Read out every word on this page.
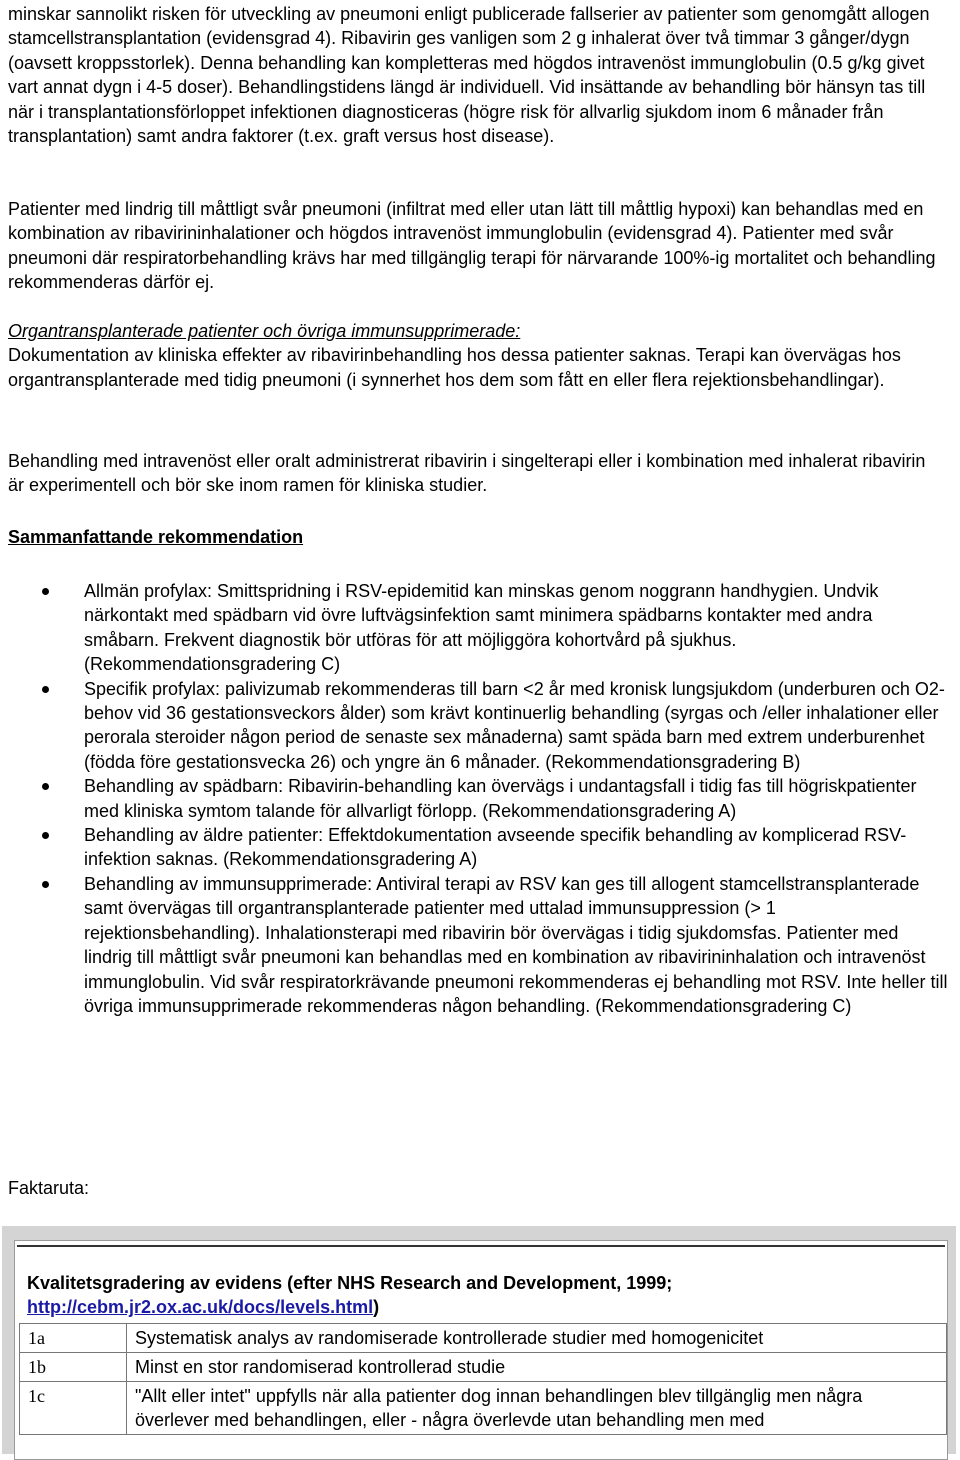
minskar sannolikt risken för utveckling av pneumoni enligt publicerade fallserier av patienter som genomgått allogen stamcellstransplantation (evidensgrad 4). Ribavirin ges vanligen som 2 g inhalerat över två timmar 3 gånger/dygn (oavsett kroppsstorlek). Denna behandling kan kompletteras med högdos intravenöst immunglobulin (0.5 g/kg givet vart annat dygn i 4-5 doser). Behandlingstidens längd är individuell. Vid insättande av behandling bör hänsyn tas till när i transplantationsförloppet infektionen diagnosticeras (högre risk för allvarlig sjukdom inom 6 månader från transplantation) samt andra faktorer (t.ex. graft versus host disease).

Patienter med lindrig till måttligt svår pneumoni (infiltrat med eller utan lätt till måttlig hypoxi) kan behandlas med en kombination av ribavirininhalationer och högdos intravenöst immunglobulin (evidensgrad 4). Patienter med svår pneumoni där respiratorbehandling krävs har med tillgänglig terapi för närvarande 100%-ig mortalitet och behandling rekommenderas därför ej.

Organtransplanterade patienter och övriga immunsupprimerade:

Dokumentation av kliniska effekter av ribavirinbehandling hos dessa patienter saknas. Terapi kan övervägas hos organtransplanterade med tidig pneumoni (i synnerhet hos dem som fått en eller flera rejektionsbehandlingar).

Behandling med intravenöst eller oralt administrerat ribavirin i singelterapi eller i kombination med inhalerat ribavirin är experimentell och bör ske inom ramen för kliniska studier.

Sammanfattande rekommendation
Allmän profylax: Smittspridning i RSV-epidemitid kan minskas genom noggrann handhygien. Undvik närkontakt med spädbarn vid övre luftvägsinfektion samt minimera spädbarns kontakter med andra småbarn. Frekvent diagnostik bör utföras för att möjliggöra kohortvård på sjukhus. (Rekommendationsgradering C)
Specifik profylax: palivizumab rekommenderas till barn <2 år med kronisk lungsjukdom (underburen och O2-behov vid 36 gestationsveckors ålder) som krävt kontinuerlig behandling (syrgas och /eller inhalationer eller perorala steroider någon period de senaste sex månaderna) samt späda barn med extrem underburenhet (födda före gestationsvecka 26) och yngre än 6 månader. (Rekommendationsgradering B)
Behandling av spädbarn: Ribavirin-behandling kan övervägs i undantagsfall i tidig fas till högriskpatienter med kliniska symtom talande för allvarligt förlopp. (Rekommendationsgradering A)
Behandling av äldre patienter: Effektdokumentation avseende specifik behandling av komplicerad RSV-infektion saknas. (Rekommendationsgradering A)
Behandling av immunsupprimerade: Antiviral terapi av RSV kan ges till allogent stamcellstransplanterade samt övervägas till organtransplanterade patienter med uttalad immunsuppression (> 1 rejektionsbehandling). Inhalationsterapi med ribavirin bör övervägas i tidig sjukdomsfas. Patienter med lindrig till måttligt svår pneumoni kan behandlas med en kombination av ribavirininhalation och intravenöst immunglobulin. Vid svår respiratorkrävande pneumoni rekommenderas ej behandling mot RSV. Inte heller till övriga immunsupprimerade rekommenderas någon behandling. (Rekommendationsgradering C)
Faktaruta:
Kvalitetsgradering av evidens (efter NHS Research and Development, 1999; http://cebm.jr2.ox.ac.uk/docs/levels.html)
1a	Systematisk analys av randomiserade kontrollerade studier med homogenicitet
1b	Minst en stor randomiserad kontrollerad studie
1c	"Allt eller intet" uppfylls när alla patienter dog innan behandlingen blev tillgänglig men några överlever med behandlingen, eller - några överlevde utan behandling men med
